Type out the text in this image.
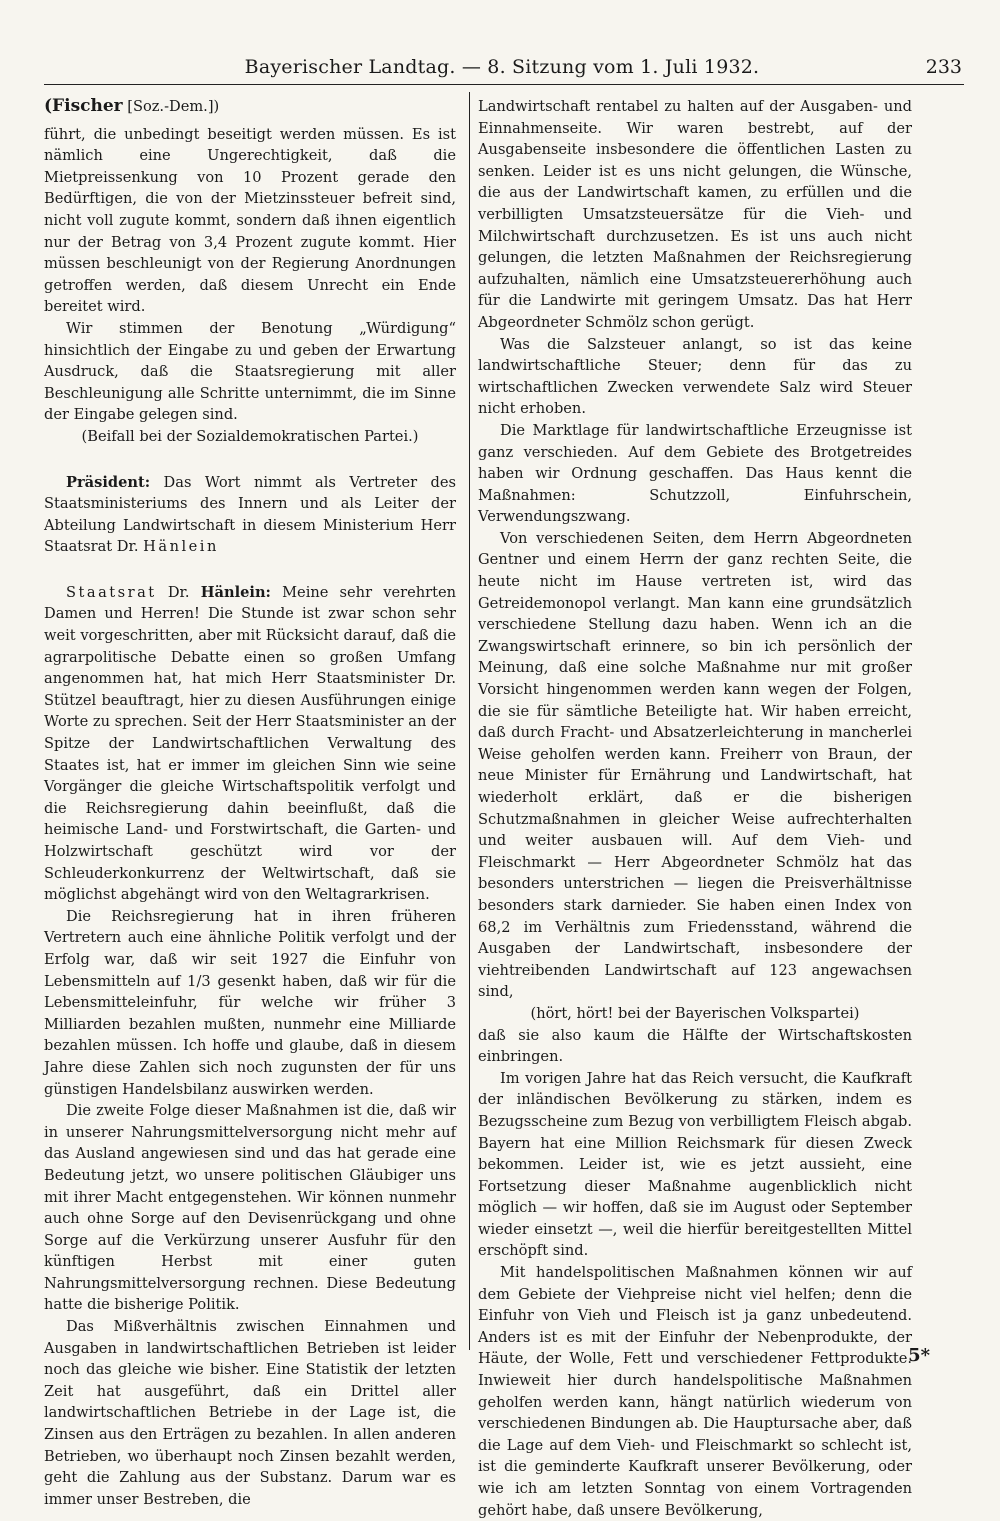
Bayerischer Landtag. — 8. Sitzung vom 1. Juli 1932.	233

(Fischer [Soz.-Dem.])

führt, die unbedingt beseitigt werden müssen. Es ist nämlich eine Ungerechtigkeit, daß die Mietpreissenkung von 10 Prozent gerade den Bedürftigen, die von der Mietzinssteuer befreit sind, nicht voll zugute kommt, sondern daß ihnen eigentlich nur der Betrag von 3,4 Prozent zugute kommt. Hier müssen beschleunigt von der Regierung Anordnungen getroffen werden, daß diesem Unrecht ein Ende bereitet wird.

Wir stimmen der Benotung „Würdigung“ hinsichtlich der Eingabe zu und geben der Erwartung Ausdruck, daß die Staatsregierung mit aller Beschleunigung alle Schritte unternimmt, die im Sinne der Eingabe gelegen sind.

(Beifall bei der Sozialdemokratischen Partei.)

Präsident: Das Wort nimmt als Vertreter des Staatsministeriums des Innern und als Leiter der Abteilung Landwirtschaft in diesem Ministerium Herr Staatsrat Dr. Hänlein

Staatsrat Dr. Hänlein: Meine sehr verehrten Damen und Herren! Die Stunde ist zwar schon sehr weit vorgeschritten, aber mit Rücksicht darauf, daß die agrarpolitische Debatte einen so großen Umfang angenommen hat, hat mich Herr Staatsminister Dr. Stützel beauftragt, hier zu diesen Ausführungen einige Worte zu sprechen. Seit der Herr Staatsminister an der Spitze der Landwirtschaftlichen Verwaltung des Staates ist, hat er immer im gleichen Sinn wie seine Vorgänger die gleiche Wirtschaftspolitik verfolgt und die Reichsregierung dahin beeinflußt, daß die heimische Land- und Forstwirtschaft, die Garten- und Holzwirtschaft geschützt wird vor der Schleuderkonkurrenz der Weltwirtschaft, daß sie möglichst abgehängt wird von den Weltagrarkrisen.

Die Reichsregierung hat in ihren früheren Vertretern auch eine ähnliche Politik verfolgt und der Erfolg war, daß wir seit 1927 die Einfuhr von Lebensmitteln auf 1/3 gesenkt haben, daß wir für die Lebensmitteleinfuhr, für welche wir früher 3 Milliarden bezahlen mußten, nunmehr eine Milliarde bezahlen müssen. Ich hoffe und glaube, daß in diesem Jahre diese Zahlen sich noch zugunsten der für uns günstigen Handelsbilanz auswirken werden.

Die zweite Folge dieser Maßnahmen ist die, daß wir in unserer Nahrungsmittelversorgung nicht mehr auf das Ausland angewiesen sind und das hat gerade eine Bedeutung jetzt, wo unsere politischen Gläubiger uns mit ihrer Macht entgegenstehen. Wir können nunmehr auch ohne Sorge auf den Devisenrückgang und ohne Sorge auf die Verkürzung unserer Ausfuhr für den künftigen Herbst mit einer guten Nahrungsmittelversorgung rechnen. Diese Bedeutung hatte die bisherige Politik.

Das Mißverhältnis zwischen Einnahmen und Ausgaben in landwirtschaftlichen Betrieben ist leider noch das gleiche wie bisher. Eine Statistik der letzten Zeit hat ausgeführt, daß ein Drittel aller landwirtschaftlichen Betriebe in der Lage ist, die Zinsen aus den Erträgen zu bezahlen. In allen anderen Betrieben, wo überhaupt noch Zinsen bezahlt werden, geht die Zahlung aus der Substanz. Darum war es immer unser Bestreben, die

Landwirtschaft rentabel zu halten auf der Ausgaben- und Einnahmenseite. Wir waren bestrebt, auf der Ausgabenseite insbesondere die öffentlichen Lasten zu senken. Leider ist es uns nicht gelungen, die Wünsche, die aus der Landwirtschaft kamen, zu erfüllen und die verbilligten Umsatzsteuersätze für die Vieh- und Milchwirtschaft durchzusetzen. Es ist uns auch nicht gelungen, die letzten Maßnahmen der Reichsregierung aufzuhalten, nämlich eine Umsatzsteuererhöhung auch für die Landwirte mit geringem Umsatz. Das hat Herr Abgeordneter Schmölz schon gerügt.

Was die Salzsteuer anlangt, so ist das keine landwirtschaftliche Steuer; denn für das zu wirtschaftlichen Zwecken verwendete Salz wird Steuer nicht erhoben.

Die Marktlage für landwirtschaftliche Erzeugnisse ist ganz verschieden. Auf dem Gebiete des Brotgetreides haben wir Ordnung geschaffen. Das Haus kennt die Maßnahmen: Schutzzoll, Einfuhrschein, Verwendungszwang.

Von verschiedenen Seiten, dem Herrn Abgeordneten Gentner und einem Herrn der ganz rechten Seite, die heute nicht im Hause vertreten ist, wird das Getreidemonopol verlangt. Man kann eine grundsätzlich verschiedene Stellung dazu haben. Wenn ich an die Zwangswirtschaft erinnere, so bin ich persönlich der Meinung, daß eine solche Maßnahme nur mit großer Vorsicht hingenommen werden kann wegen der Folgen, die sie für sämtliche Beteiligte hat. Wir haben erreicht, daß durch Fracht- und Absatzerleichterung in mancherlei Weise geholfen werden kann. Freiherr von Braun, der neue Minister für Ernährung und Landwirtschaft, hat wiederholt erklärt, daß er die bisherigen Schutzmaßnahmen in gleicher Weise aufrechterhalten und weiter ausbauen will. Auf dem Vieh- und Fleischmarkt — Herr Abgeordneter Schmölz hat das besonders unterstrichen — liegen die Preisverhältnisse besonders stark darnieder. Sie haben einen Index von 68,2 im Verhältnis zum Friedensstand, während die Ausgaben der Landwirtschaft, insbesondere der viehtreibenden Landwirtschaft auf 123 angewachsen sind,

(hört, hört! bei der Bayerischen Volkspartei)

daß sie also kaum die Hälfte der Wirtschaftskosten einbringen.

Im vorigen Jahre hat das Reich versucht, die Kaufkraft der inländischen Bevölkerung zu stärken, indem es Bezugsscheine zum Bezug von verbilligtem Fleisch abgab. Bayern hat eine Million Reichsmark für diesen Zweck bekommen. Leider ist, wie es jetzt aussieht, eine Fortsetzung dieser Maßnahme augenblicklich nicht möglich — wir hoffen, daß sie im August oder September wieder einsetzt —, weil die hierfür bereitgestellten Mittel erschöpft sind.

Mit handelspolitischen Maßnahmen können wir auf dem Gebiete der Viehpreise nicht viel helfen; denn die Einfuhr von Vieh und Fleisch ist ja ganz unbedeutend. Anders ist es mit der Einfuhr der Nebenprodukte, der Häute, der Wolle, Fett und verschiedener Fettprodukte. Inwieweit hier durch handelspolitische Maßnahmen geholfen werden kann, hängt natürlich wiederum von verschiedenen Bindungen ab. Die Hauptursache aber, daß die Lage auf dem Vieh- und Fleischmarkt so schlecht ist, ist die geminderte Kaufkraft unserer Bevölkerung, oder wie ich am letzten Sonntag von einem Vortragenden gehört habe, daß unsere Bevölkerung,

5*
